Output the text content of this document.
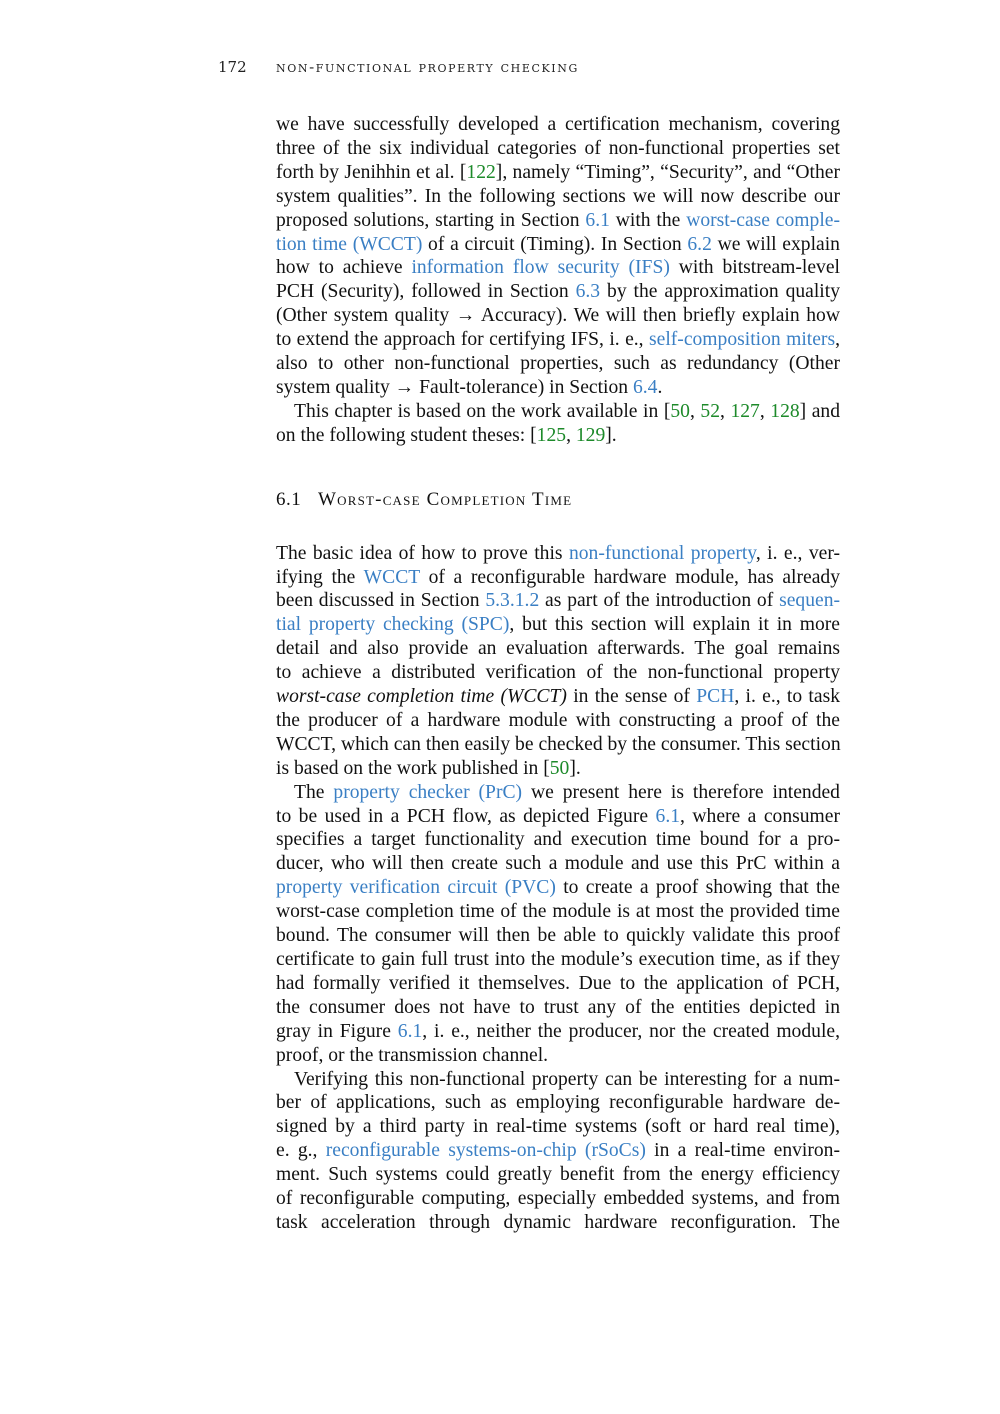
172 non-functional property checking
we have successfully developed a certification mechanism, covering
three of the six individual categories of non-functional properties set
forth by Jenihhin et al. [122], namely “Timing”, “Security”, and “Other
system qualities”. In the following sections we will now describe our
proposed solutions, starting in Section 6.1 with the worst-case comple-
tion time (WCCT) of a circuit (Timing). In Section 6.2 we will explain
how to achieve information flow security (IFS) with bitstream-level
PCH (Security), followed in Section 6.3 by the approximation quality
(Other system quality → Accuracy). We will then briefly explain how
to extend the approach for certifying IFS, i. e., self-composition miters,
also to other non-functional properties, such as redundancy (Other
system quality → Fault-tolerance) in Section 6.4.
This chapter is based on the work available in [50, 52, 127, 128] and
on the following student theses: [125, 129].
6.1 Worst-case Completion Time
The basic idea of how to prove this non-functional property, i. e., ver-
ifying the WCCT of a reconfigurable hardware module, has already
been discussed in Section 5.3.1.2 as part of the introduction of sequen-
tial property checking (SPC), but this section will explain it in more
detail and also provide an evaluation afterwards. The goal remains
to achieve a distributed verification of the non-functional property
worst-case completion time (WCCT) in the sense of PCH, i. e., to task
the producer of a hardware module with constructing a proof of the
WCCT, which can then easily be checked by the consumer. This section
is based on the work published in [50].
The property checker (PrC) we present here is therefore intended
to be used in a PCH flow, as depicted Figure 6.1, where a consumer
specifies a target functionality and execution time bound for a pro-
ducer, who will then create such a module and use this PrC within a
property verification circuit (PVC) to create a proof showing that the
worst-case completion time of the module is at most the provided time
bound. The consumer will then be able to quickly validate this proof
certificate to gain full trust into the module’s execution time, as if they
had formally verified it themselves. Due to the application of PCH,
the consumer does not have to trust any of the entities depicted in
gray in Figure 6.1, i. e., neither the producer, nor the created module,
proof, or the transmission channel.
Verifying this non-functional property can be interesting for a num-
ber of applications, such as employing reconfigurable hardware de-
signed by a third party in real-time systems (soft or hard real time),
e. g., reconfigurable systems-on-chip (rSoCs) in a real-time environ-
ment. Such systems could greatly benefit from the energy efficiency
of reconfigurable computing, especially embedded systems, and from
task acceleration through dynamic hardware reconfiguration. The
